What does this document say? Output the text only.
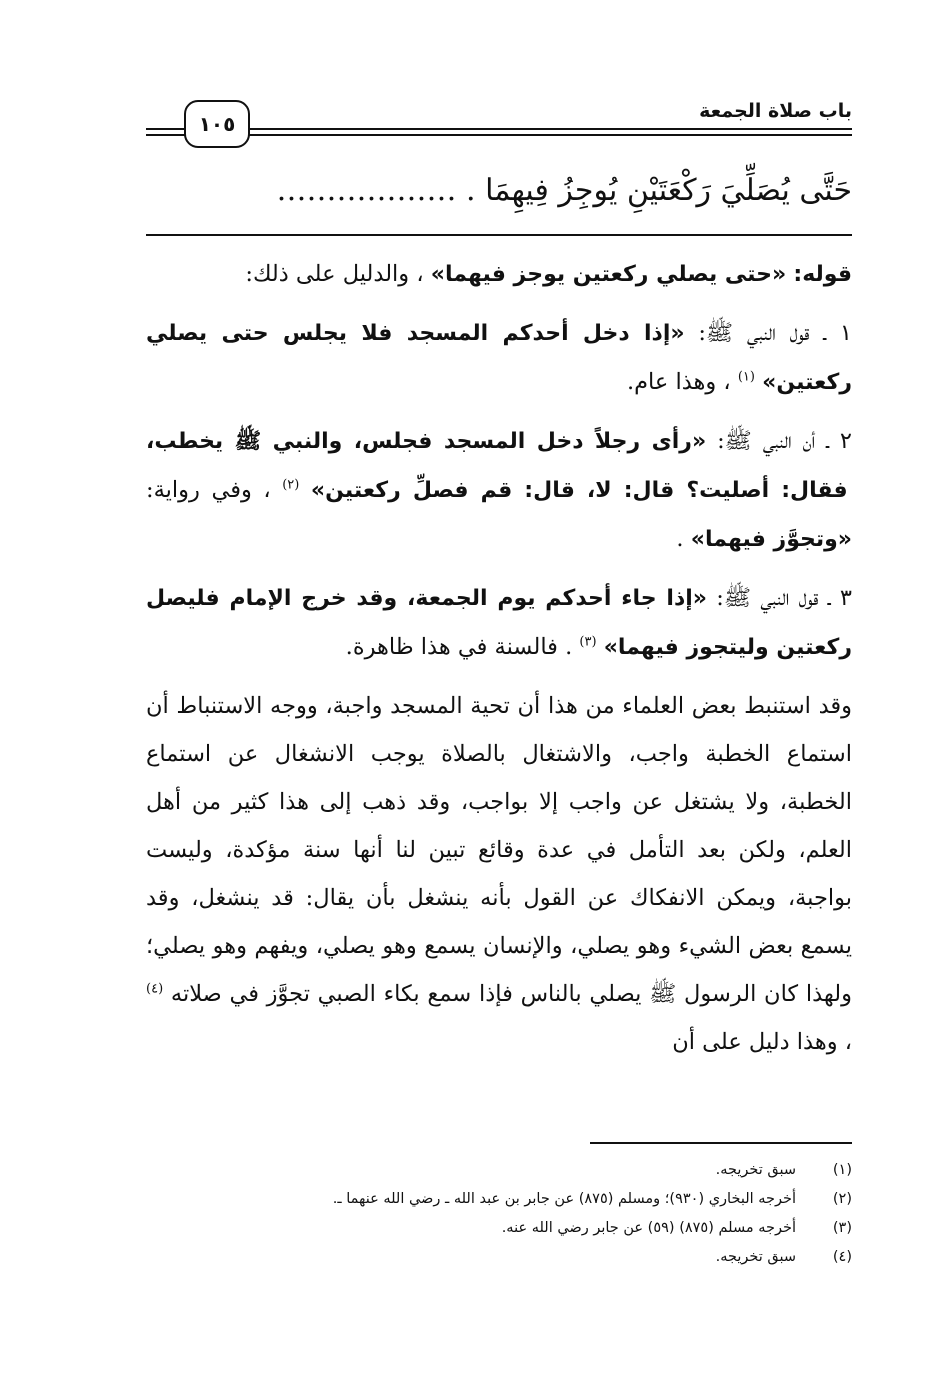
باب صلاة الجمعة
١٠٥
حَتَّى يُصَلِّيَ رَكْعَتَيْنِ يُوجِزُ فِيهِمَا . ………………

قوله: «حتى يصلي ركعتين يوجز فيهما» ، والدليل على ذلك:

١ ـ قول النبي ﷺ: «إذا دخل أحدكم المسجد فلا يجلس حتى يصلي ركعتين» $^{(١)}$ ، وهذا عام.

٢ ـ أن النبي ﷺ: «رأى رجلاً دخل المسجد فجلس، والنبي ﷺ يخطب، فقال: أصليت؟ قال: لا، قال: قم فصلِّ ركعتين» $^{(٢)}$ ، وفي رواية: «وتجوَّز فيهما» .

٣ ـ قول النبي ﷺ: «إذا جاء أحدكم يوم الجمعة، وقد خرج الإمام فليصل ركعتين وليتجوز فيهما» $^{(٣)}$ . فالسنة في هذا ظاهرة.

وقد استنبط بعض العلماء من هذا أن تحية المسجد واجبة، ووجه الاستنباط أن استماع الخطبة واجب، والاشتغال بالصلاة يوجب الانشغال عن استماع الخطبة، ولا يشتغل عن واجب إلا بواجب، وقد ذهب إلى هذا كثير من أهل العلم، ولكن بعد التأمل في عدة وقائع تبين لنا أنها سنة مؤكدة، وليست بواجبة، ويمكن الانفكاك عن القول بأنه ينشغل بأن يقال: قد ينشغل، وقد يسمع بعض الشيء وهو يصلي، والإنسان يسمع وهو يصلي، ويفهم وهو يصلي؛ ولهذا كان الرسول ﷺ يصلي بالناس فإذا سمع بكاء الصبي تجوَّز في صلاته $^{(٤)}$ ، وهذا دليل على أن

(١)
سبق تخريجه.
(٢)
أخرجه البخاري (٩٣٠)؛ ومسلم (٨٧٥) عن جابر بن عبد الله ـ رضي الله عنهما ـ.
(٣)
أخرجه مسلم (٨٧٥) (٥٩) عن جابر رضي الله عنه.
(٤)
سبق تخريجه.
